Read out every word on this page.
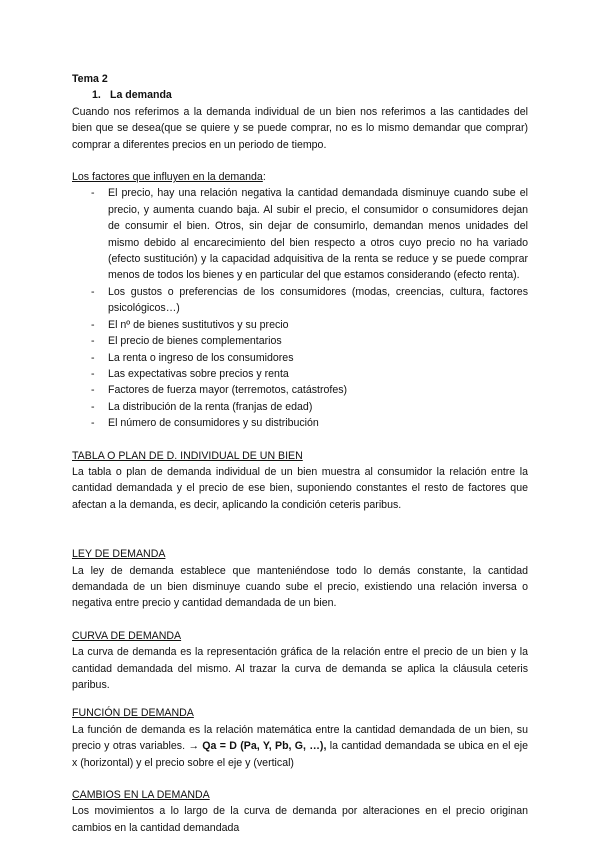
Tema 2

1. La demanda

Cuando nos referimos a la demanda individual de un bien nos referimos a las cantidades del bien que se desea(que se quiere y se puede comprar, no es lo mismo demandar que comprar) comprar a diferentes precios en un periodo de tiempo.

Los factores que influyen en la demanda:

- El precio, hay una relación negativa la cantidad demandada disminuye cuando sube el precio, y aumenta cuando baja. Al subir el precio, el consumidor o consumidores dejan de consumir el bien. Otros, sin dejar de consumirlo, demandan menos unidades del mismo debido al encarecimiento del bien respecto a otros cuyo precio no ha variado (efecto sustitución) y la capacidad adquisitiva de la renta se reduce y se puede comprar menos de todos los bienes y en particular del que estamos considerando (efecto renta).
- Los gustos o preferencias de los consumidores (modas, creencias, cultura, factores psicológicos…)
- El nº de bienes sustitutivos y su precio
- El precio de bienes complementarios
- La renta o ingreso de los consumidores
- Las expectativas sobre precios y renta
- Factores de fuerza mayor (terremotos, catástrofes)
- La distribución de la renta (franjas de edad)
- El número de consumidores y su distribución

TABLA O PLAN DE D. INDIVIDUAL DE UN BIEN

La tabla o plan de demanda individual de un bien muestra al consumidor la relación entre la cantidad demandada y el precio de ese bien, suponiendo constantes el resto de factores que afectan a la demanda, es decir, aplicando la condición ceteris paribus.

LEY DE DEMANDA

La ley de demanda establece que manteniéndose todo lo demás constante, la cantidad demandada de un bien disminuye cuando sube el precio, existiendo una relación inversa o negativa entre precio y cantidad demandada de un bien.

CURVA DE DEMANDA

La curva de demanda es la representación gráfica de la relación entre el precio de un bien y la cantidad demandada del mismo. Al trazar la curva de demanda se aplica la cláusula ceteris paribus.

FUNCIÓN DE DEMANDA

La función de demanda es la relación matemática entre la cantidad demandada de un bien, su precio y otras variables. → Qa = D (Pa, Y, Pb, G, …), la cantidad demandada se ubica en el eje x (horizontal) y el precio sobre el eje y (vertical)

CAMBIOS EN LA DEMANDA

Los movimientos a lo largo de la curva de demanda por alteraciones en el precio originan cambios en la cantidad demandada
